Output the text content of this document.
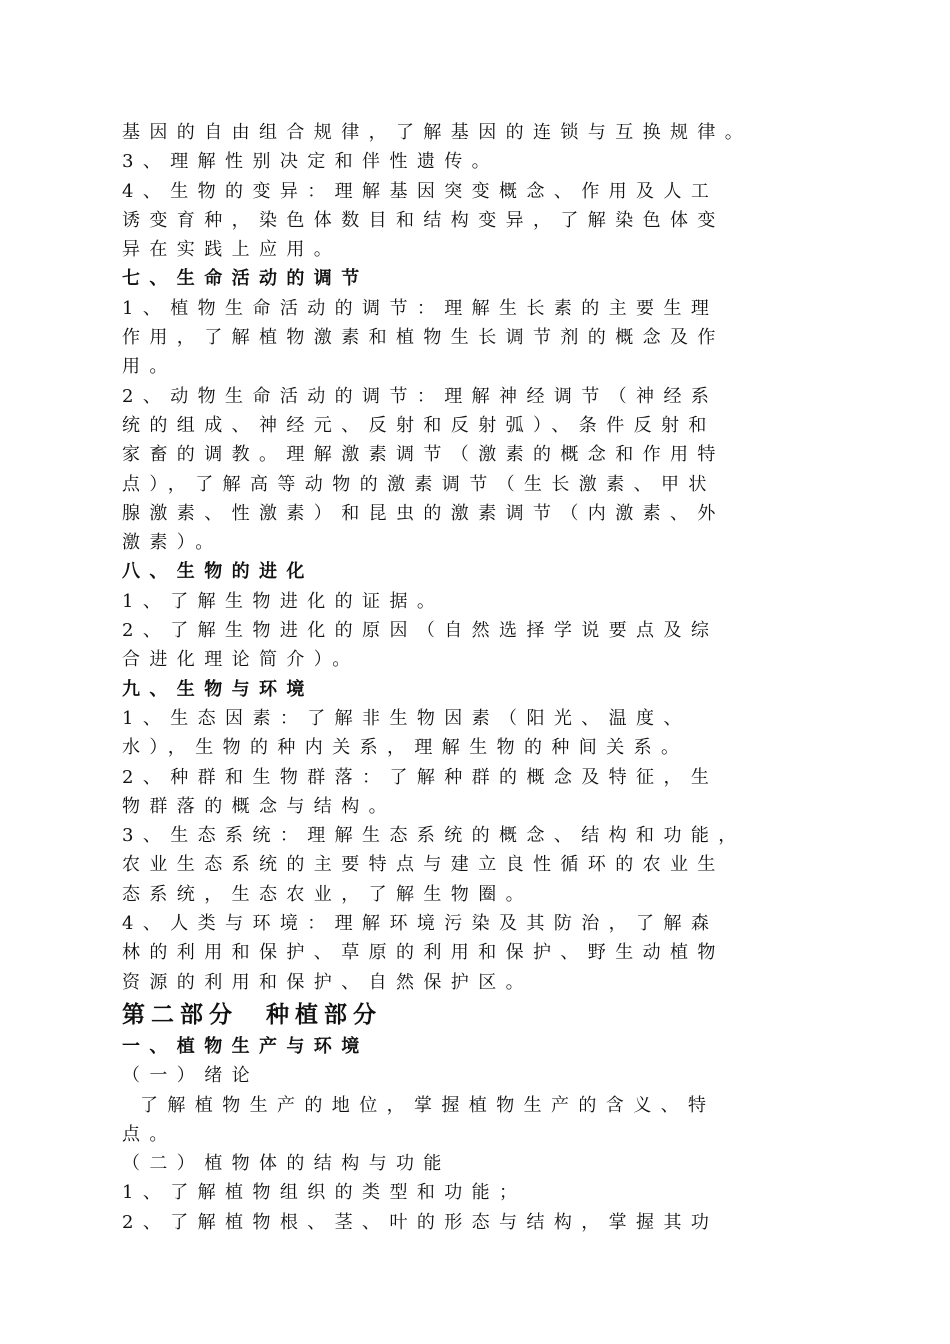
基因的自由组合规律，了解基因的连锁与互换规律。
3、理解性别决定和伴性遗传。
4、生物的变异：理解基因突变概念、作用及人工
诱变育种，染色体数目和结构变异，了解染色体变
异在实践上应用。
七、生命活动的调节
1、植物生命活动的调节：理解生长素的主要生理
作用，了解植物激素和植物生长调节剂的概念及作
用。
2、动物生命活动的调节：理解神经调节（神经系
统的组成、神经元、反射和反射弧）、条件反射和
家畜的调教。理解激素调节（激素的概念和作用特
点），了解高等动物的激素调节（生长激素、甲状
腺激素、性激素）和昆虫的激素调节（内激素、外
激素）。
八、生物的进化
1、了解生物进化的证据。
2、了解生物进化的原因（自然选择学说要点及综
合进化理论简介）。
九、生物与环境
1、生态因素：了解非生物因素（阳光、温度、
水），生物的种内关系，理解生物的种间关系。
2、种群和生物群落：了解种群的概念及特征，生
物群落的概念与结构。
3、生态系统：理解生态系统的概念、结构和功能，
农业生态系统的主要特点与建立良性循环的农业生
态系统，生态农业，了解生物圈。
4、人类与环境：理解环境污染及其防治，了解森
林的利用和保护、草原的利用和保护、野生动植物
资源的利用和保护、自然保护区。
第二部分 种植部分
一、植物生产与环境
（一）绪论
了解植物生产的地位，掌握植物生产的含义、特
点。
（二）植物体的结构与功能
1、了解植物组织的类型和功能；
2、了解植物根、茎、叶的形态与结构，掌握其功
